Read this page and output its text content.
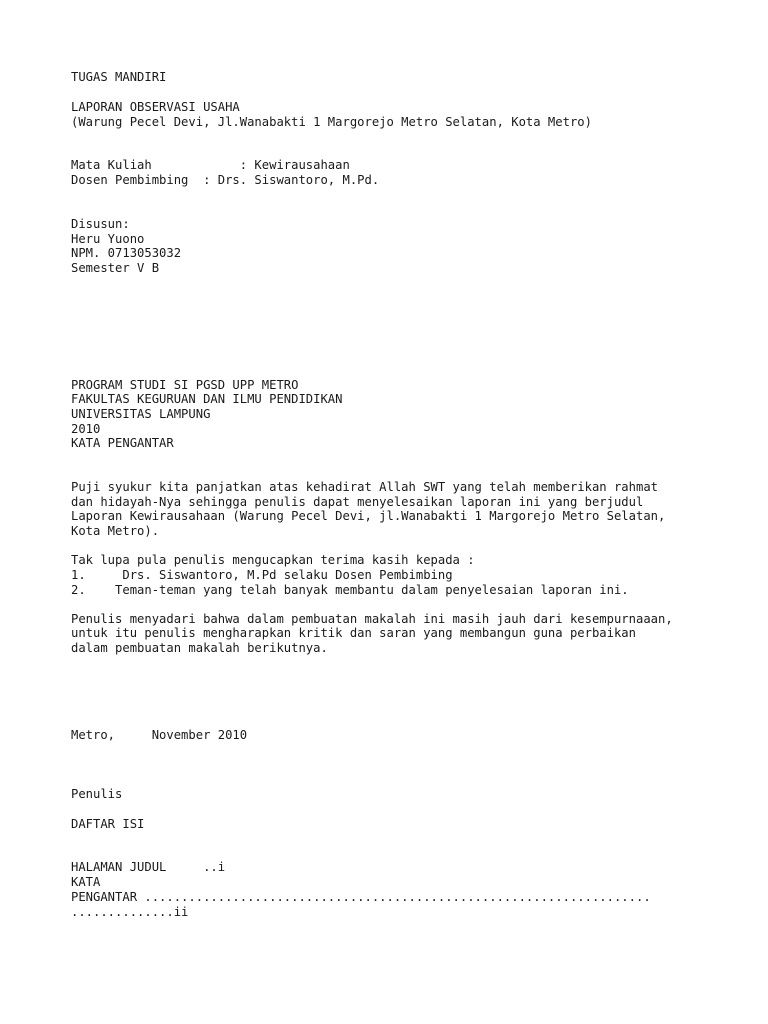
TUGAS MANDIRI
LAPORAN OBSERVASI USAHA
(Warung Pecel Devi, Jl.Wanabakti 1 Margorejo Metro Selatan, Kota Metro)
Mata Kuliah            : Kewirausahaan
Dosen Pembimbing  : Drs. Siswantoro, M.Pd.
Disusun:
Heru Yuono
NPM. 0713053032
Semester V B
PROGRAM STUDI SI PGSD UPP METRO
FAKULTAS KEGURUAN DAN ILMU PENDIDIKAN
UNIVERSITAS LAMPUNG
2010
KATA PENGANTAR
Puji syukur kita panjatkan atas kehadirat Allah SWT yang telah memberikan rahmat
dan hidayah-Nya sehingga penulis dapat menyelesaikan laporan ini yang berjudul
Laporan Kewirausahaan (Warung Pecel Devi, jl.Wanabakti 1 Margorejo Metro Selatan,
Kota Metro).
Tak lupa pula penulis mengucapkan terima kasih kepada :
1.     Drs. Siswantoro, M.Pd selaku Dosen Pembimbing
2.    Teman-teman yang telah banyak membantu dalam penyelesaian laporan ini.
Penulis menyadari bahwa dalam pembuatan makalah ini masih jauh dari kesempurnaaan,
untuk itu penulis mengharapkan kritik dan saran yang membangun guna perbaikan
dalam pembuatan makalah berikutnya.
Metro,     November 2010
Penulis
DAFTAR ISI
HALAMAN JUDUL     ..i
KATA
PENGANTAR .....................................................................
..............ii
